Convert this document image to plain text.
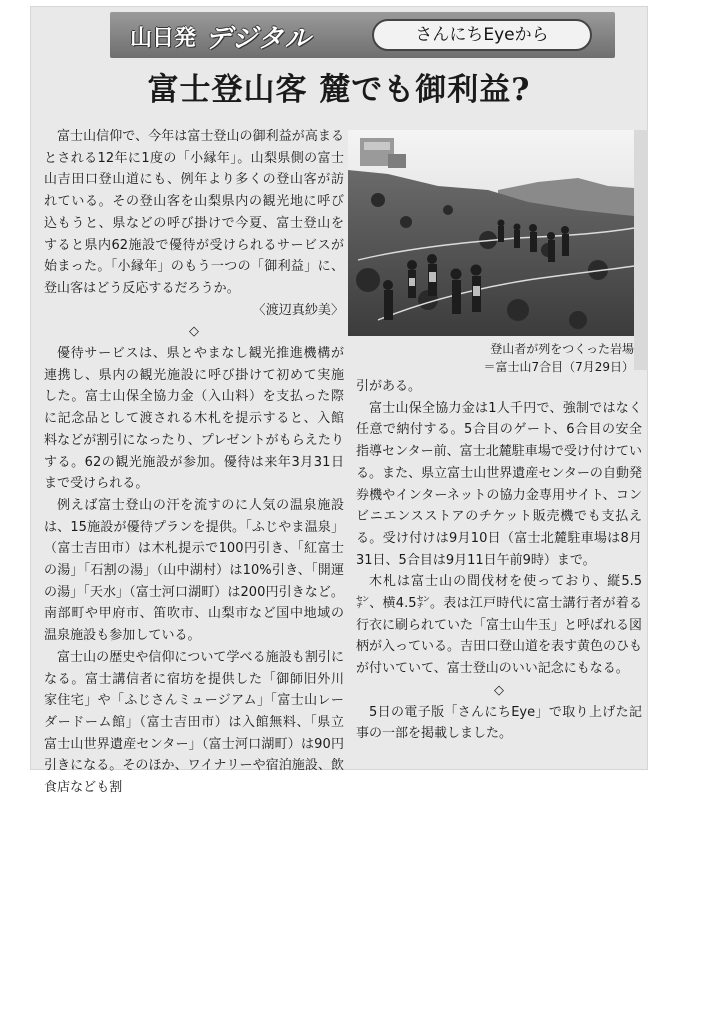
山日発 デジタル	さんにちEyeから
富士登山客 麓でも御利益?

富士山信仰で、今年は富士登山の御利益が高まるとされる12年に1度の「小縁年」。山梨県側の富士山吉田口登山道にも、例年より多くの登山客が訪れている。その登山客を山梨県内の観光地に呼び込もうと、県などの呼び掛けで今夏、富士登山をすると県内62施設で優待が受けられるサービスが始まった。「小縁年」のもう一つの「御利益」に、登山客はどう反応するだろうか。

〈渡辺真紗美〉

◇

優待サービスは、県とやまなし観光推進機構が連携し、県内の観光施設に呼び掛けて初めて実施した。富士山保全協力金（入山料）を支払った際に記念品として渡される木札を提示すると、入館料などが割引になったり、プレゼントがもらえたりする。62の観光施設が参加。優待は来年3月31日まで受けられる。

例えば富士登山の汗を流すのに人気の温泉施設は、15施設が優待プランを提供。「ふじやま温泉」（富士吉田市）は木札提示で100円引き、「紅富士の湯」「石割の湯」（山中湖村）は10%引き、「開運の湯」「天水」（富士河口湖町）は200円引きなど。南部町や甲府市、笛吹市、山梨市など国中地域の温泉施設も参加している。

富士山の歴史や信仰について学べる施設も割引になる。富士講信者に宿坊を提供した「御師旧外川家住宅」や「ふじさんミュージアム」「富士山レーダードーム館」（富士吉田市）は入館無料、「県立富士山世界遺産センター」（富士河口湖町）は90円引きになる。そのほか、ワイナリーや宿泊施設、飲食店なども割

登山者が列をつくった岩場
＝富士山7合目（7月29日）

引がある。

富士山保全協力金は1人千円で、強制ではなく任意で納付する。5合目のゲート、6合目の安全指導センター前、富士北麓駐車場で受け付けている。また、県立富士山世界遺産センターの自動発券機やインターネットの協力金専用サイト、コンビニエンスストアのチケット販売機でも支払える。受け付けは9月10日（富士北麓駐車場は8月31日、5合目は9月11日午前9時）まで。

木札は富士山の間伐材を使っており、縦5.5㌢、横4.5㌢。表は江戸時代に富士講行者が着る行衣に刷られていた「富士山牛玉」と呼ばれる図柄が入っている。吉田口登山道を表す黄色のひもが付いていて、富士登山のいい記念にもなる。

◇

5日の電子版「さんにちEye」で取り上げた記事の一部を掲載しました。
